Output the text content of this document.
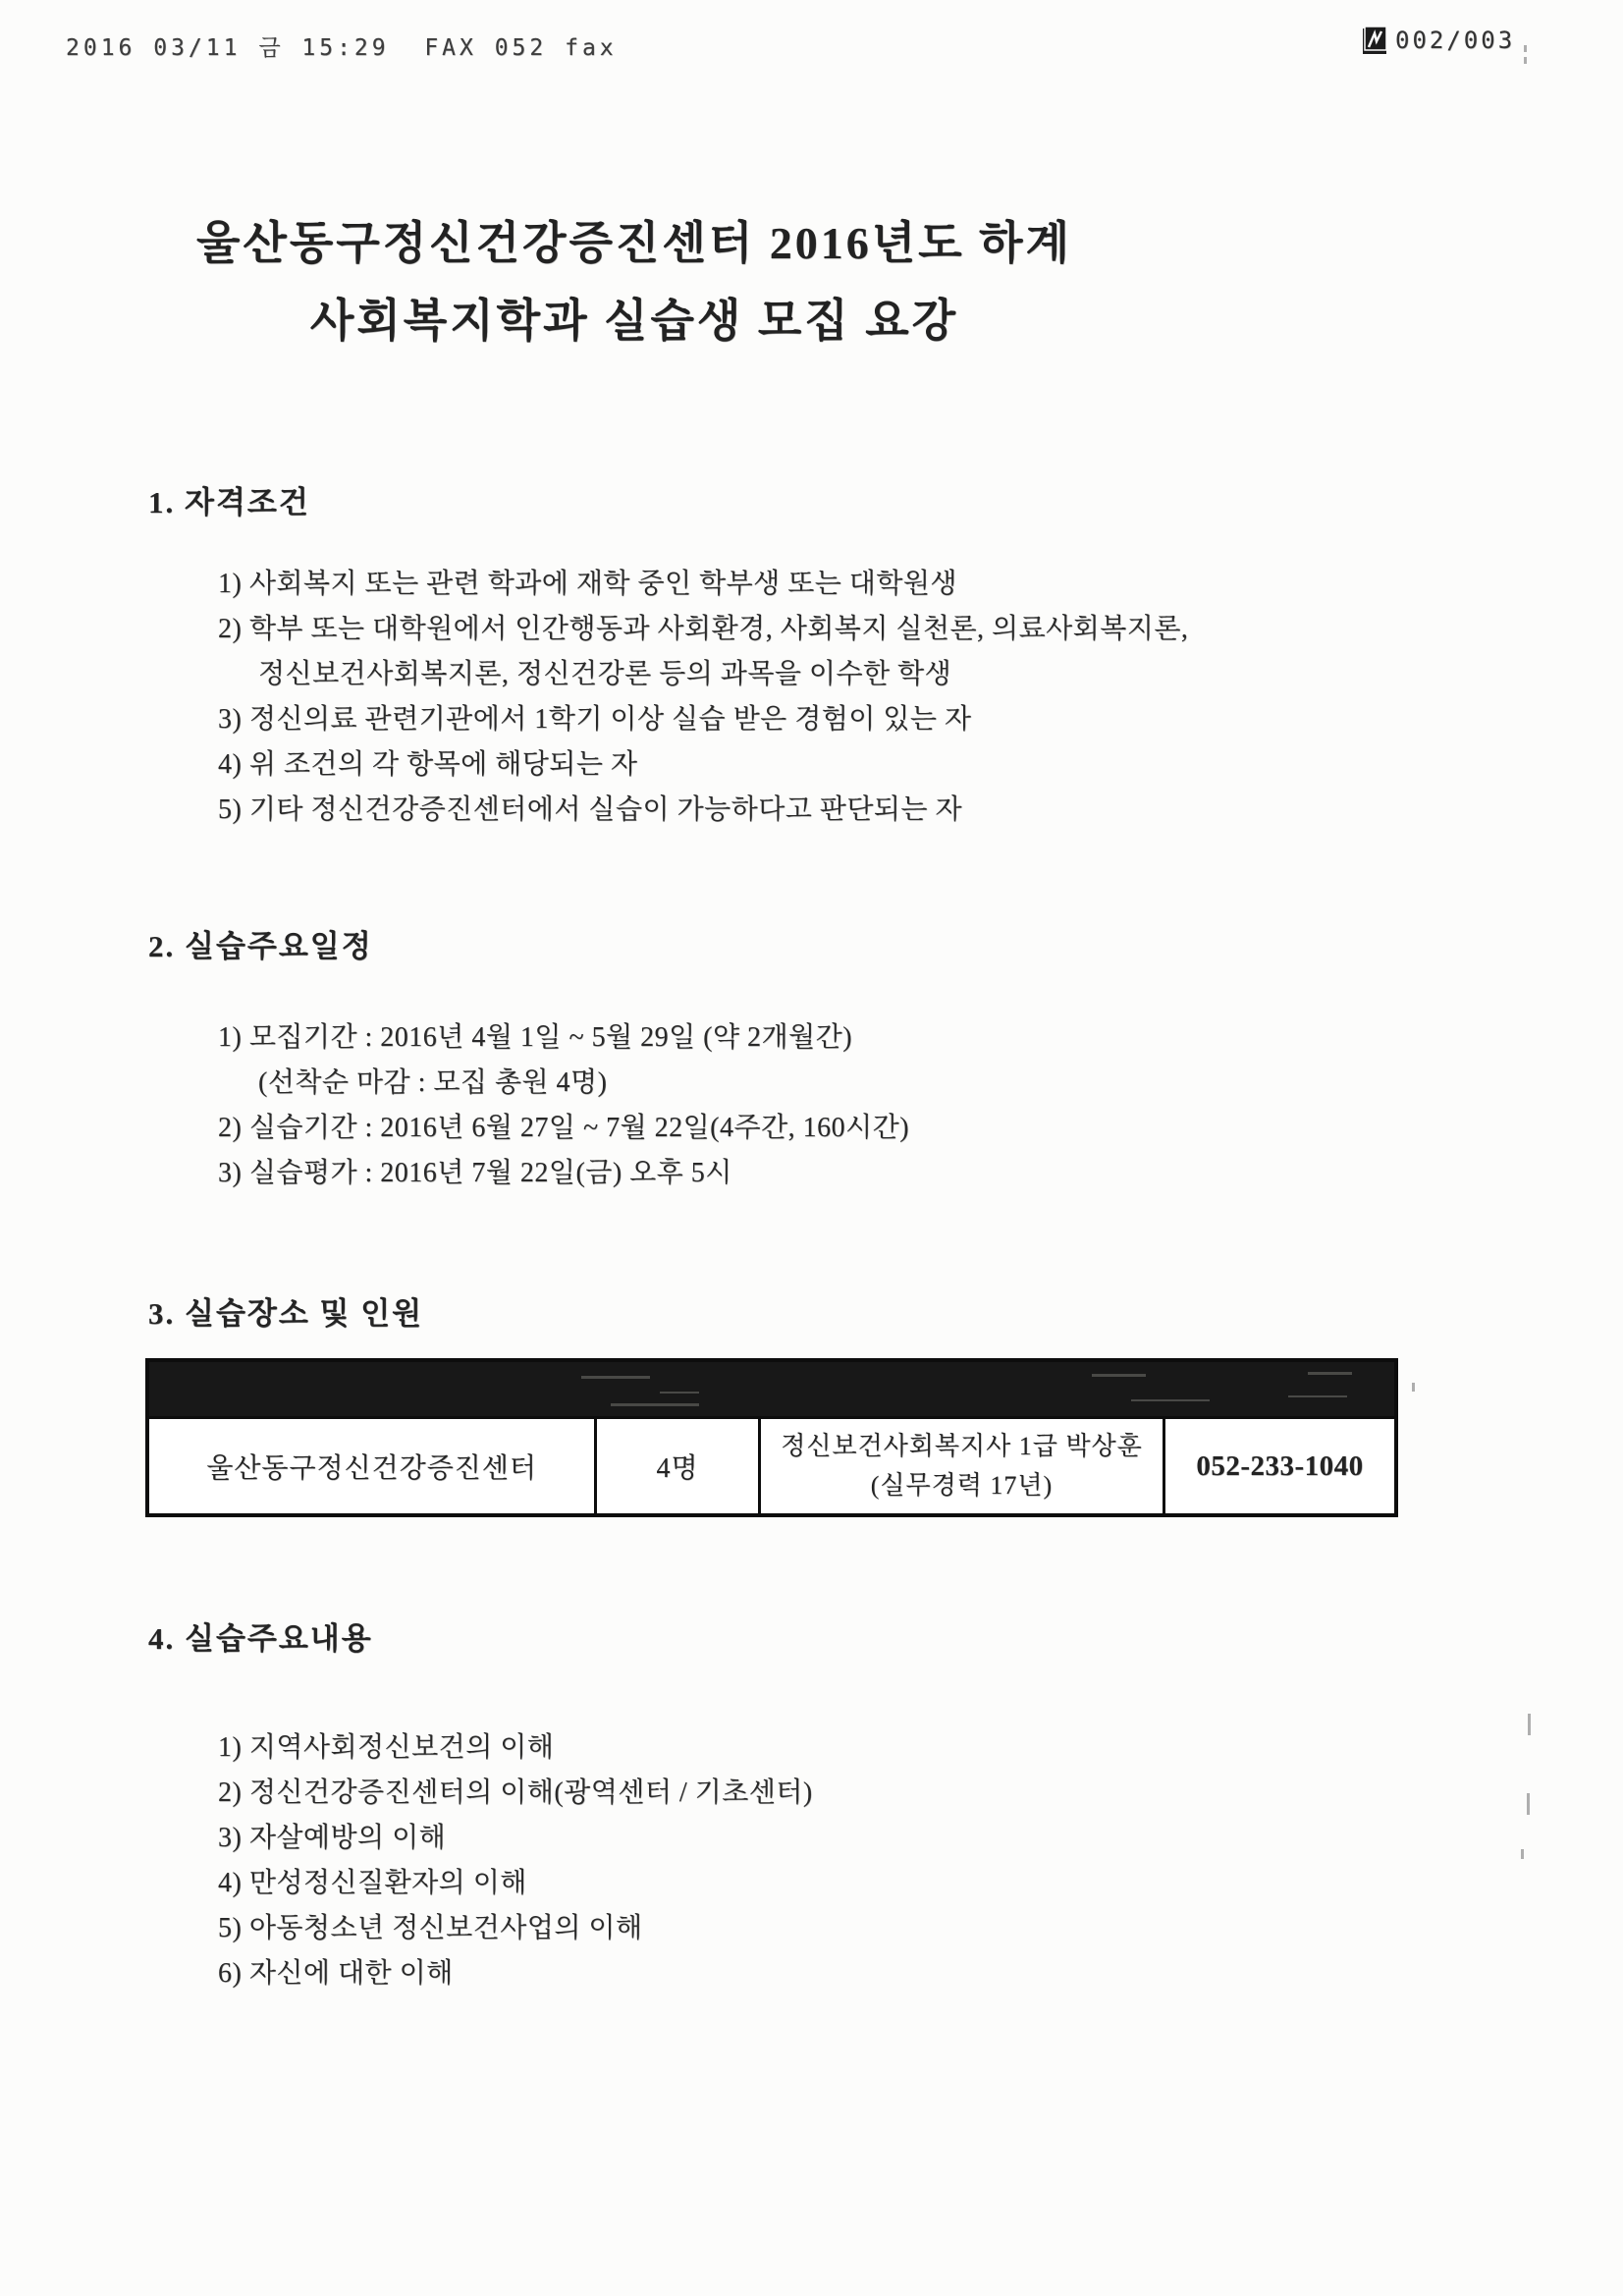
2016 03/11 금 15:29  FAX 052 fax	002/003
울산동구정신건강증진센터 2016년도 하계
사회복지학과 실습생 모집 요강
1. 자격조건
1) 사회복지 또는 관련 학과에 재학 중인 학부생 또는 대학원생
2) 학부 또는 대학원에서 인간행동과 사회환경, 사회복지 실천론, 의료사회복지론,
정신보건사회복지론, 정신건강론 등의 과목을 이수한 학생
3) 정신의료 관련기관에서 1학기 이상 실습 받은 경험이 있는 자
4) 위 조건의 각 항목에 해당되는 자
5) 기타 정신건강증진센터에서 실습이 가능하다고 판단되는 자
2. 실습주요일정
1) 모집기간 : 2016년 4월 1일 ~ 5월 29일 (약 2개월간)
(선착순 마감 : 모집 총원 4명)
2) 실습기간 : 2016년 6월 27일 ~ 7월 22일(4주간, 160시간)
3) 실습평가 : 2016년 7월 22일(금) 오후 5시
3. 실습장소 및 인원
울산동구정신건강증진센터	4명
정신보건사회복지사 1급 박상훈
(실무경력 17년)
052-233-1040
4. 실습주요내용
1) 지역사회정신보건의 이해
2) 정신건강증진센터의 이해(광역센터 / 기초센터)
3) 자살예방의 이해
4) 만성정신질환자의 이해
5) 아동청소년 정신보건사업의 이해
6) 자신에 대한 이해
